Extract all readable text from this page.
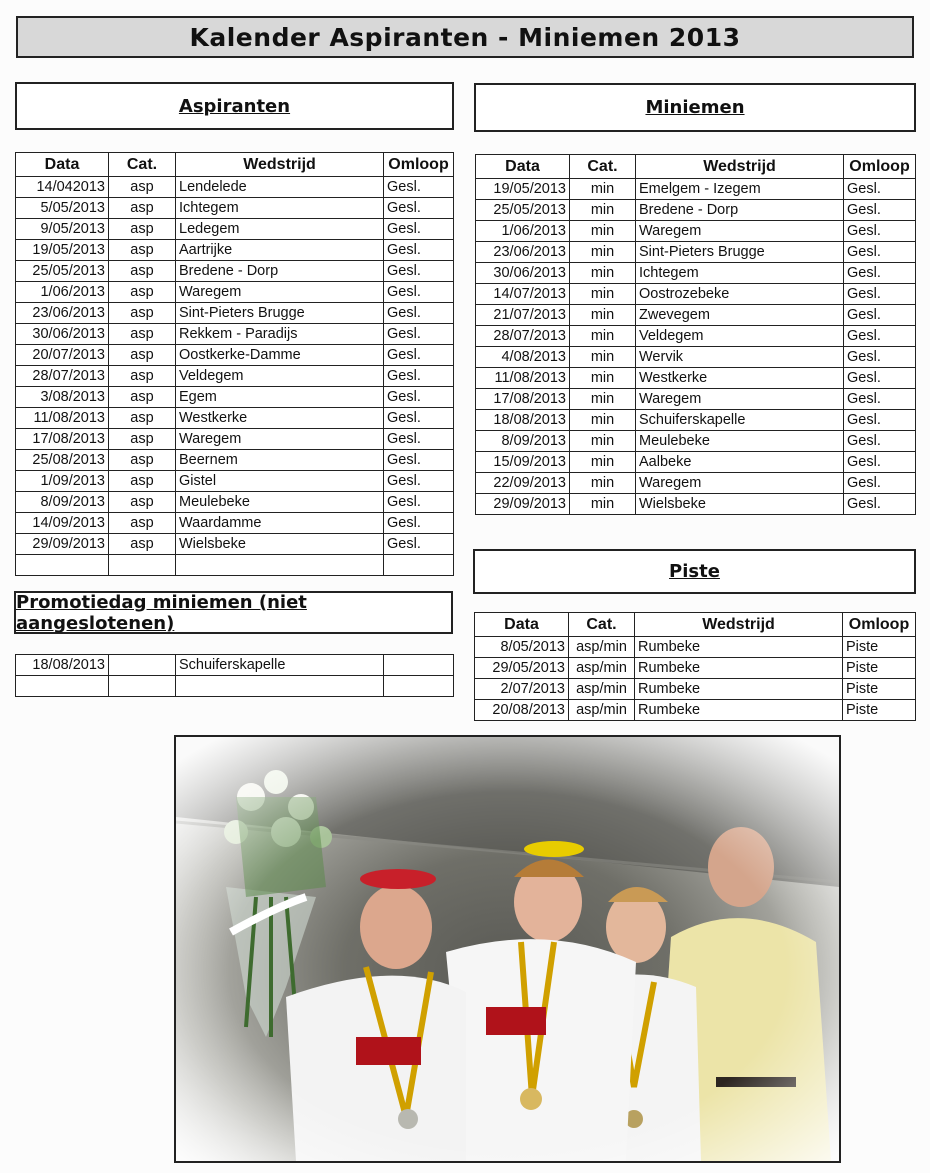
Kalender Aspiranten - Miniemen 2013
Aspiranten
Data	Cat.	Wedstrijd	Omloop
14/042013	asp	Lendelede	Gesl.
5/05/2013	asp	Ichtegem	Gesl.
9/05/2013	asp	Ledegem	Gesl.
19/05/2013	asp	Aartrijke	Gesl.
25/05/2013	asp	Bredene - Dorp	Gesl.
1/06/2013	asp	Waregem	Gesl.
23/06/2013	asp	Sint-Pieters Brugge	Gesl.
30/06/2013	asp	Rekkem - Paradijs	Gesl.
20/07/2013	asp	Oostkerke-Damme	Gesl.
28/07/2013	asp	Veldegem	Gesl.
3/08/2013	asp	Egem	Gesl.
11/08/2013	asp	Westkerke	Gesl.
17/08/2013	asp	Waregem	Gesl.
25/08/2013	asp	Beernem	Gesl.
1/09/2013	asp	Gistel	Gesl.
8/09/2013	asp	Meulebeke	Gesl.
14/09/2013	asp	Waardamme	Gesl.
29/09/2013	asp	Wielsbeke	Gesl.

Promotiedag miniemen (niet aangeslotenen)
18/08/2013		Schuiferskapelle	

Miniemen
Data	Cat.	Wedstrijd	Omloop
19/05/2013	min	Emelgem - Izegem	Gesl.
25/05/2013	min	Bredene - Dorp	Gesl.
1/06/2013	min	Waregem	Gesl.
23/06/2013	min	Sint-Pieters Brugge	Gesl.
30/06/2013	min	Ichtegem	Gesl.
14/07/2013	min	Oostrozebeke	Gesl.
21/07/2013	min	Zwevegem	Gesl.
28/07/2013	min	Veldegem	Gesl.
4/08/2013	min	Wervik	Gesl.
11/08/2013	min	Westkerke	Gesl.
17/08/2013	min	Waregem	Gesl.
18/08/2013	min	Schuiferskapelle	Gesl.
8/09/2013	min	Meulebeke	Gesl.
15/09/2013	min	Aalbeke	Gesl.
22/09/2013	min	Waregem	Gesl.
29/09/2013	min	Wielsbeke	Gesl.
Piste
Data	Cat.	Wedstrijd	Omloop
8/05/2013	asp/min	Rumbeke	Piste
29/05/2013	asp/min	Rumbeke	Piste
2/07/2013	asp/min	Rumbeke	Piste
20/08/2013	asp/min	Rumbeke	Piste
